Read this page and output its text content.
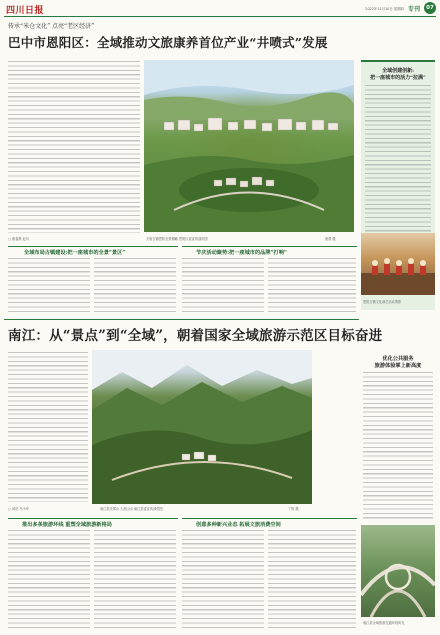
四川日报	2022年11月10日 星期四 专刊	07
传承“米仓文化” 点亮“老区经济”
巴中市恩阳区：全域推动文旅康养首位产业“井喷式”发展
□ 唐春燕 赵川	天府古镇恩阳全景俯瞰 恩阳区委宣传部供图	唐勇 摄
全域布局古镇建设:把一座城市的全景“景区”	节庆活动聚势:把一座城市的品牌“打响”
全域创建创新:
把一座城市的活力“拉满”
恩阳古镇文化演艺活动剪影
南江：从“景点”到“全域”，朝着国家全域旅游示范区目标奋进
□ 何旺 马小华	南江县光雾山 大美山水 南江县委宣传部供图	丁锐 摄
推出多条旅游环线 重塑全域旅游新格局	创意多种新兴业态 拓展文旅消费空间
优化公共服务
旅游体验掌上新高度
南江县全域旅游交通环线风光
